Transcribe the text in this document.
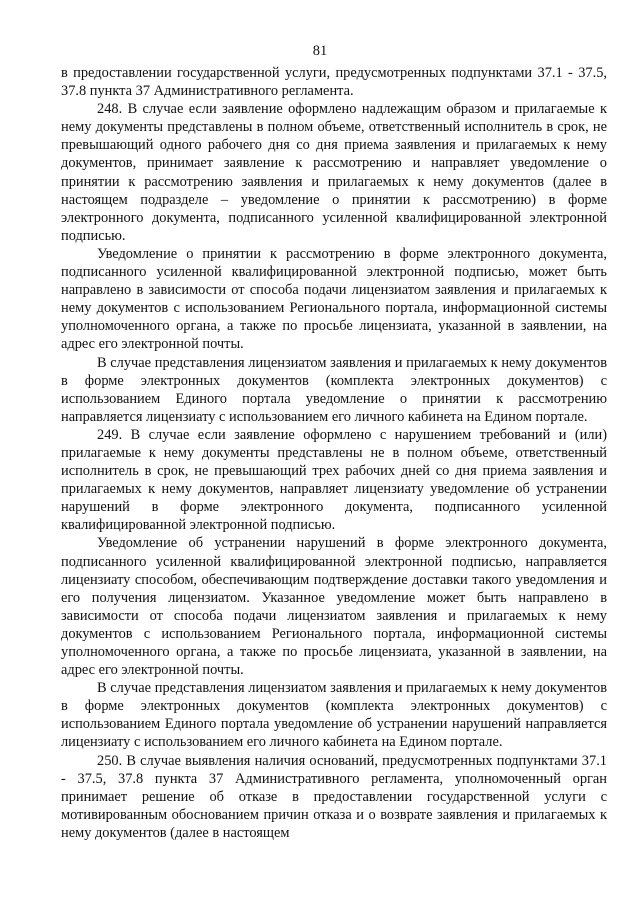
81

в предоставлении государственной услуги, предусмотренных подпунктами 37.1 - 37.5, 37.8 пункта 37 Административного регламента.

248. В случае если заявление оформлено надлежащим образом и прилагаемые к нему документы представлены в полном объеме, ответственный исполнитель в срок, не превышающий одного рабочего дня со дня приема заявления и прилагаемых к нему документов, принимает заявление к рассмотрению и направляет уведомление о принятии к рассмотрению заявления и прилагаемых к нему документов (далее в настоящем подразделе – уведомление о принятии к рассмотрению) в форме электронного документа, подписанного усиленной квалифицированной электронной подписью.

Уведомление о принятии к рассмотрению в форме электронного документа, подписанного усиленной квалифицированной электронной подписью, может быть направлено в зависимости от способа подачи лицензиатом заявления и прилагаемых к нему документов с использованием Регионального портала, информационной системы уполномоченного органа, а также по просьбе лицензиата, указанной в заявлении, на адрес его электронной почты.

В случае представления лицензиатом заявления и прилагаемых к нему документов в форме электронных документов (комплекта электронных документов) с использованием Единого портала уведомление о принятии к рассмотрению направляется лицензиату с использованием его личного кабинета на Едином портале.

249. В случае если заявление оформлено с нарушением требований и (или) прилагаемые к нему документы представлены не в полном объеме, ответственный исполнитель в срок, не превышающий трех рабочих дней со дня приема заявления и прилагаемых к нему документов, направляет лицензиату уведомление об устранении нарушений в форме электронного документа, подписанного усиленной квалифицированной электронной подписью.

Уведомление об устранении нарушений в форме электронного документа, подписанного усиленной квалифицированной электронной подписью, направляется лицензиату способом, обеспечивающим подтверждение доставки такого уведомления и его получения лицензиатом. Указанное уведомление может быть направлено в зависимости от способа подачи лицензиатом заявления и прилагаемых к нему документов с использованием Регионального портала, информационной системы уполномоченного органа, а также по просьбе лицензиата, указанной в заявлении, на адрес его электронной почты.

В случае представления лицензиатом заявления и прилагаемых к нему документов в форме электронных документов (комплекта электронных документов) с использованием Единого портала уведомление об устранении нарушений направляется лицензиату с использованием его личного кабинета на Едином портале.

250. В случае выявления наличия оснований, предусмотренных подпунктами 37.1 - 37.5, 37.8 пункта 37 Административного регламента, уполномоченный орган принимает решение об отказе в предоставлении государственной услуги с мотивированным обоснованием причин отказа и о возврате заявления и прилагаемых к нему документов (далее в настоящем
